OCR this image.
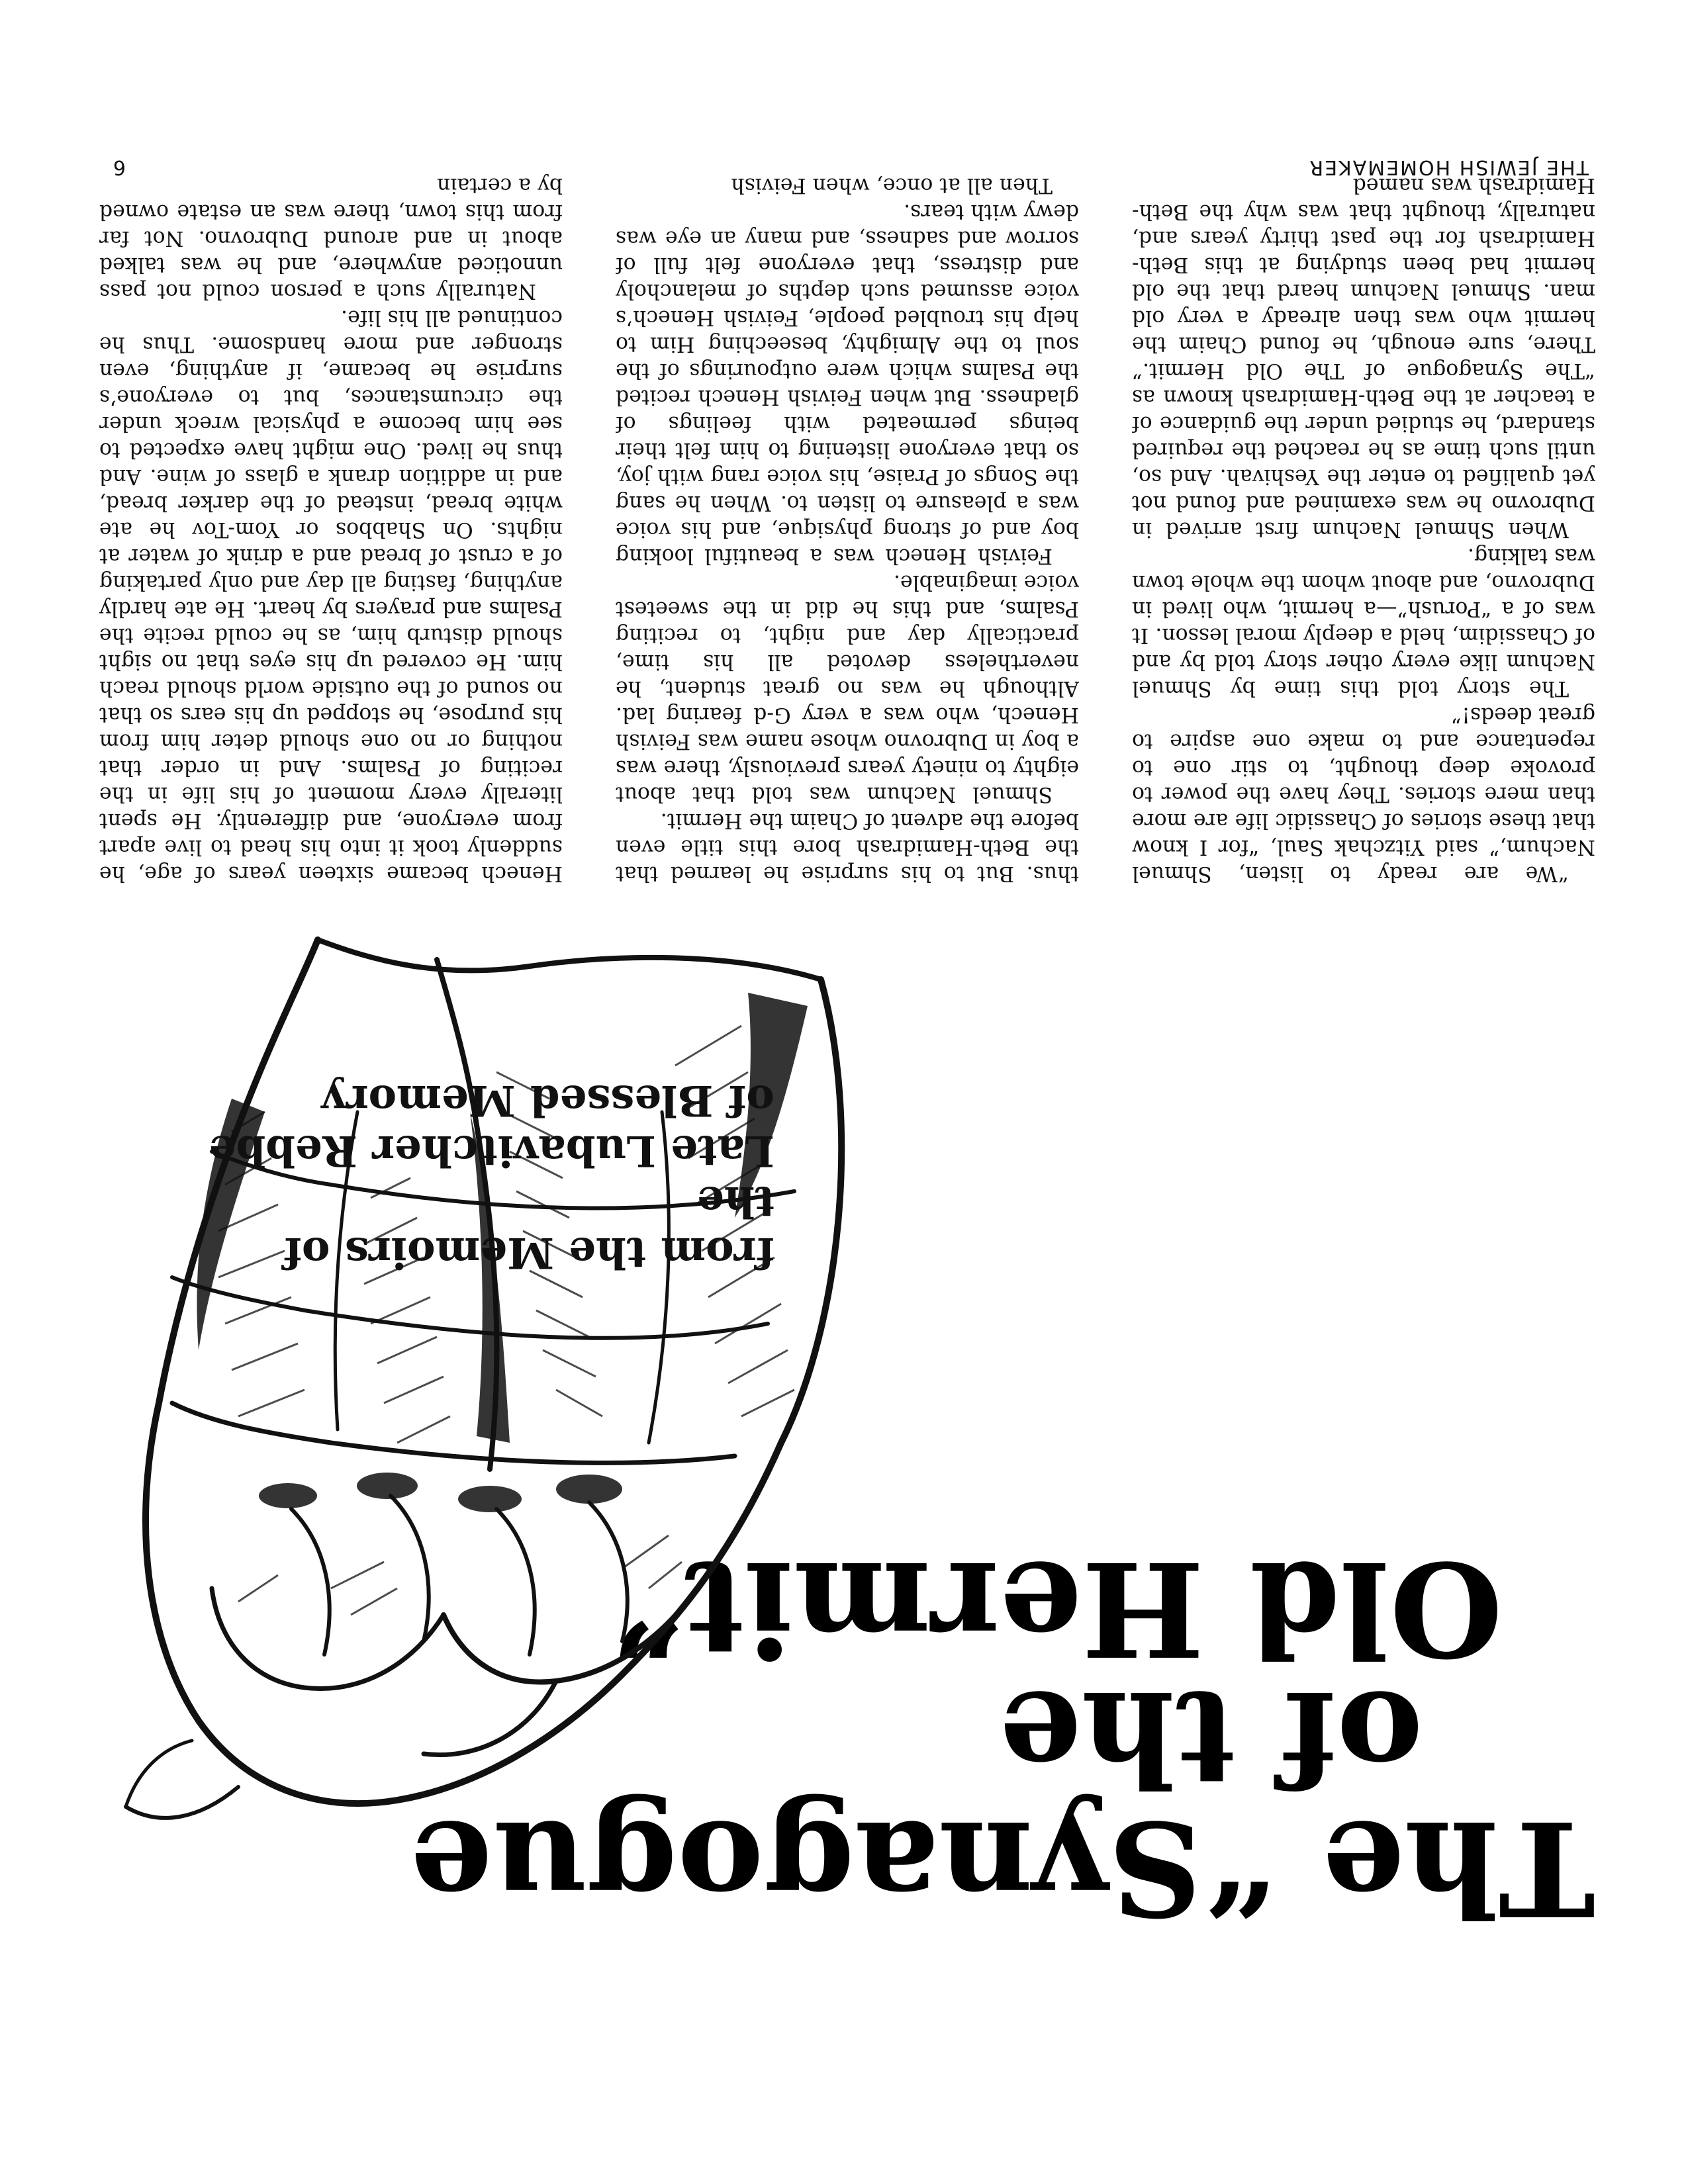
THE JEWISH HOMEMAKER
6
The “Synagogue
of the
Old Hermit”
from the Memoirs of the
Late Lubavitcher Rebbe
of Blessed Memory

“We are ready to listen, Shmuel Nachum,” said Yitzchak Saul, “for I know that these stories of Chassidic life are more than mere stories. They have the power to provoke deep thought, to stir one to repentance and to make one aspire to great deeds!”

The story told this time by Shmuel Nachum like every other story told by and of Chassidim, held a deeply moral lesson. It was of a “Porush”—a hermit, who lived in Dubrovno, and about whom the whole town was talking.

When Shmuel Nachum first arrived in Dubrovno he was examined and found not yet qualified to enter the Yeshivah. And so, until such time as he reached the required standard, he studied under the guidance of a teacher at the Beth-Hamidrash known as “The Synagogue of The Old Hermit.” There, sure enough, he found Chaim the hermit who was then already a very old man. Shmuel Nachum heard that the old hermit had been studying at this Beth-Hamidrash for the past thirty years and, naturally, thought that was why the Beth-Hamidrash was named

thus. But to his surprise he learned that the Beth-Hamidrash bore this title even before the advent of Chaim the Hermit.

Shmuel Nachum was told that about eighty to ninety years previously, there was a boy in Dubrovno whose name was Feivish Henech, who was a very G-d fearing lad. Although he was no great student, he nevertheless devoted all his time, practically day and night, to reciting Psalms, and this he did in the sweetest voice imaginable.

Feivish Henech was a beautiful looking boy and of strong physique, and his voice was a pleasure to listen to. When he sang the Songs of Praise, his voice rang with joy, so that everyone listening to him felt their beings permeated with feelings of gladness. But when Feivish Henech recited the Psalms which were outpourings of the soul to the Almighty, beseeching Him to help his troubled people, Feivish Henech’s voice assumed such depths of melancholy and distress, that everyone felt full of sorrow and sadness, and many an eye was dewy with tears.

Then all at once, when Feivish

Henech became sixteen years of age, he suddenly took it into his head to live apart from everyone, and differently. He spent literally every moment of his life in the reciting of Psalms. And in order that nothing or no one should deter him from his purpose, he stopped up his ears so that no sound of the outside world should reach him. He covered up his eyes that no sight should disturb him, as he could recite the Psalms and prayers by heart. He ate hardly anything, fasting all day and only partaking of a crust of bread and a drink of water at nights. On Shabbos or Yom-Tov he ate white bread, instead of the darker bread, and in addition drank a glass of wine. And thus he lived. One might have expected to see him become a physical wreck under the circumstances, but to everyone’s surprise he became, if anything, even stronger and more handsome. Thus he continued all his life.

Naturally such a person could not pass unnoticed anywhere, and he was talked about in and around Dubrovno. Not far from this town, there was an estate owned by a certain
